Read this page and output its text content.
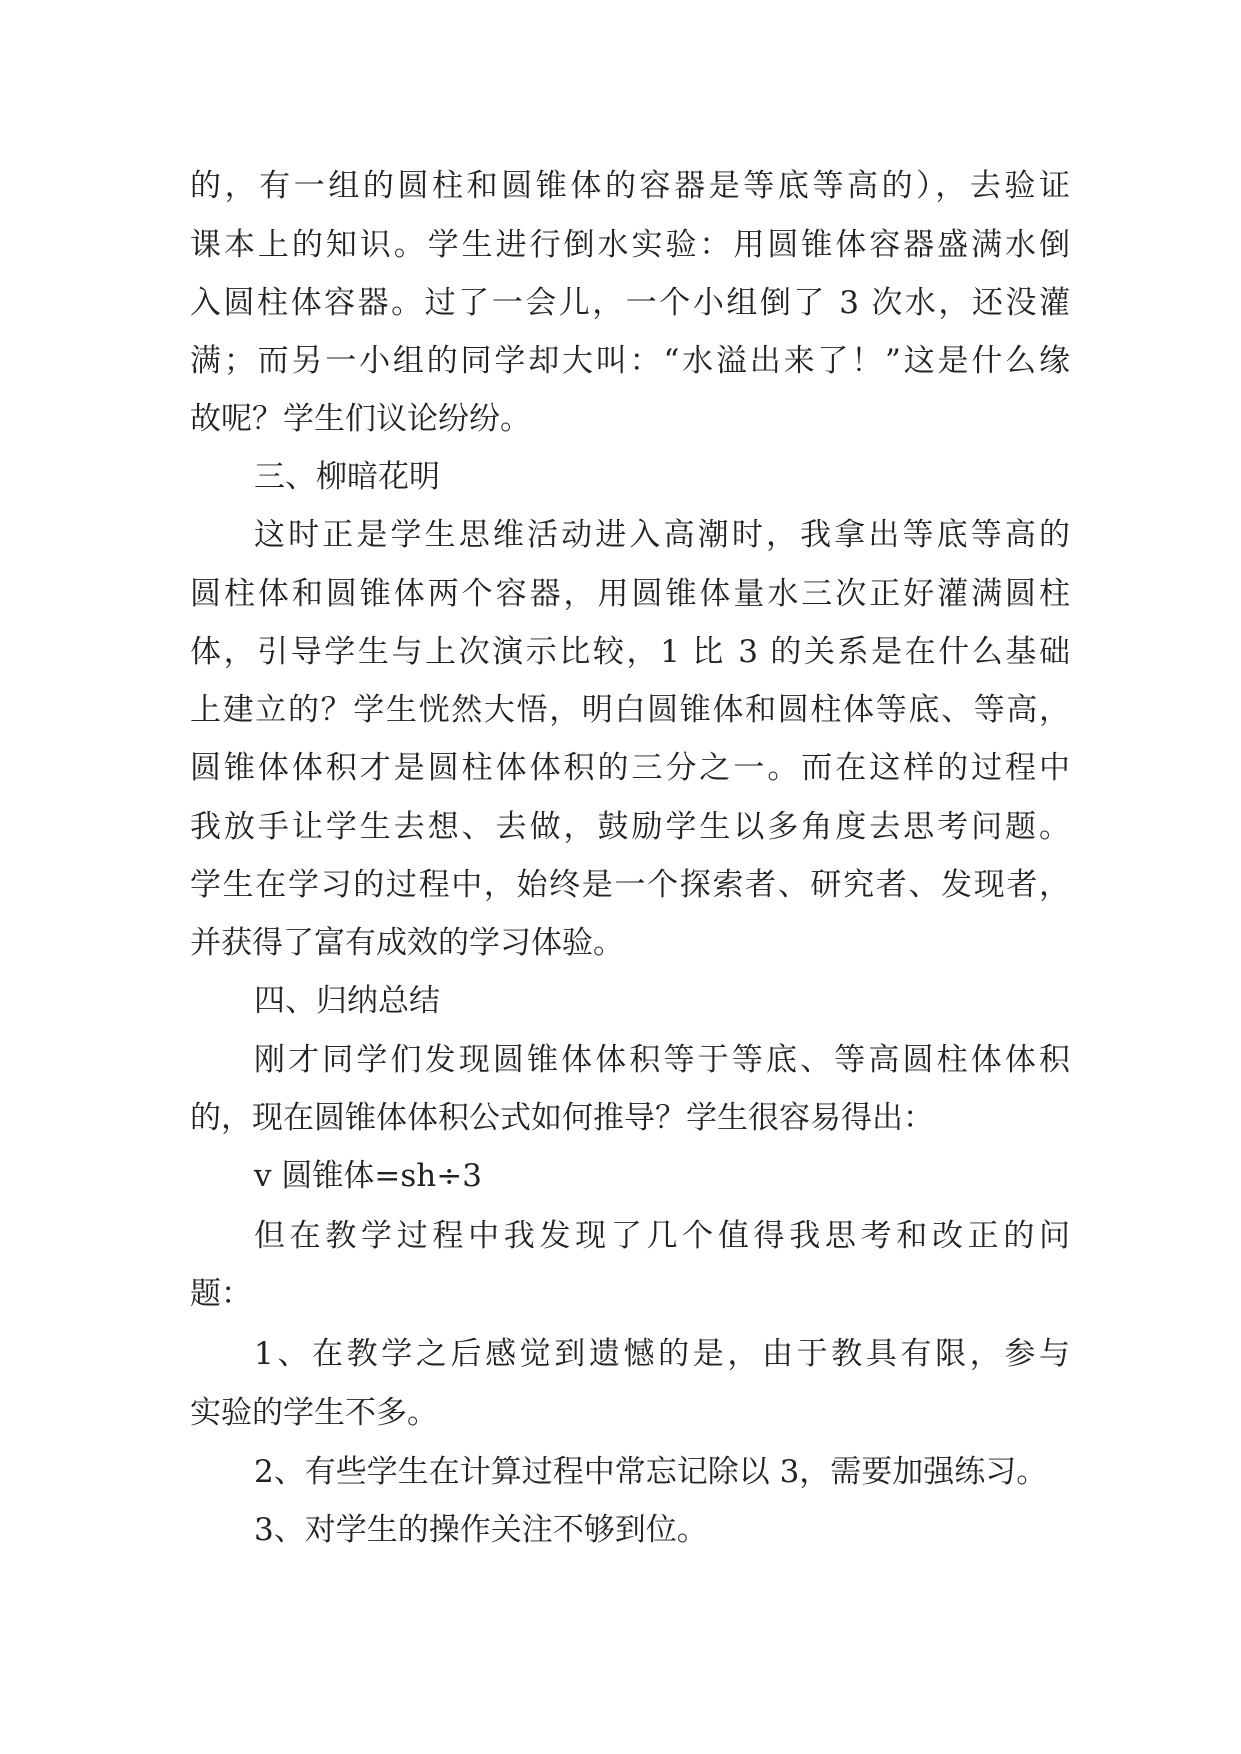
的，有一组的圆柱和圆锥体的容器是等底等高的），去验证
课本上的知识。学生进行倒水实验：用圆锥体容器盛满水倒
入圆柱体容器。过了一会儿，一个小组倒了 3 次水，还没灌
满；而另一小组的同学却大叫：“水溢出来了！”这是什么缘
故呢？学生们议论纷纷。
三、柳暗花明
这时正是学生思维活动进入高潮时，我拿出等底等高的
圆柱体和圆锥体两个容器，用圆锥体量水三次正好灌满圆柱
体，引导学生与上次演示比较，1 比 3 的关系是在什么基础
上建立的？学生恍然大悟，明白圆锥体和圆柱体等底、等高，
圆锥体体积才是圆柱体体积的三分之一。而在这样的过程中
我放手让学生去想、去做，鼓励学生以多角度去思考问题。
学生在学习的过程中，始终是一个探索者、研究者、发现者，
并获得了富有成效的学习体验。
四、归纳总结
刚才同学们发现圆锥体体积等于等底、等高圆柱体体积
的，现在圆锥体体积公式如何推导？学生很容易得出：
v 圆锥体=sh÷3
但在教学过程中我发现了几个值得我思考和改正的问
题：
1、在教学之后感觉到遗憾的是，由于教具有限，参与
实验的学生不多。
2、有些学生在计算过程中常忘记除以 3，需要加强练习。
3、对学生的操作关注不够到位。
